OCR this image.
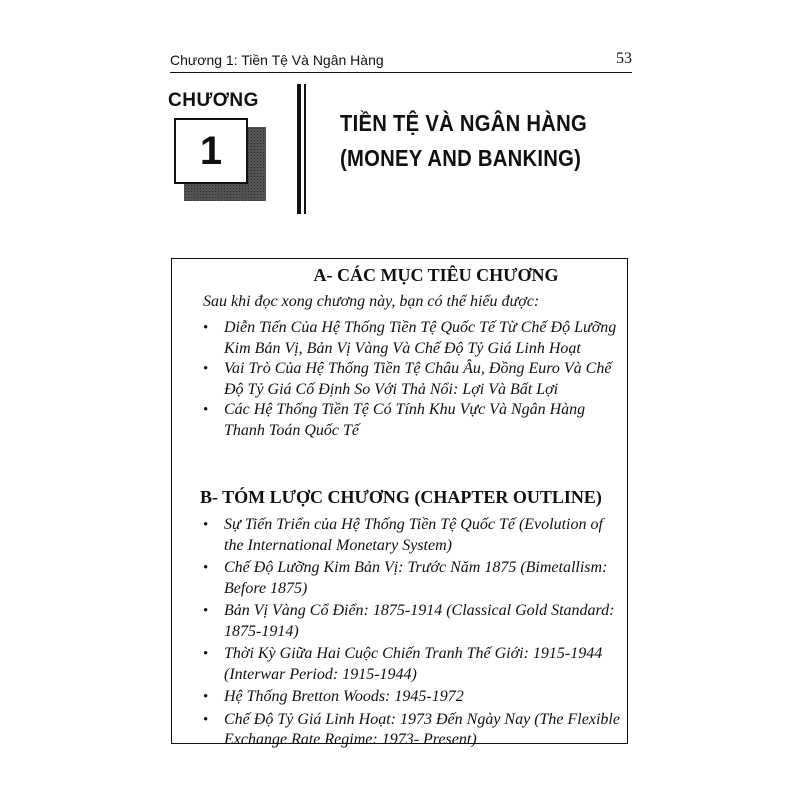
Chương 1: Tiền Tệ Và Ngân Hàng	53
CHƯƠNG
1
TIỀN TỆ VÀ NGÂN HÀNG
(MONEY AND BANKING)
A- CÁC MỤC TIÊU CHƯƠNG
Sau khi đọc xong chương này, bạn có thể hiểu được:
• Diễn Tiến Của Hệ Thống Tiền Tệ Quốc Tế Từ Chế Độ Lưỡng Kim Bản Vị, Bản Vị Vàng Và Chế Độ Tỷ Giá Linh Hoạt
• Vai Trò Của Hệ Thống Tiền Tệ Châu Âu, Đồng Euro Và Chế Độ Tỷ Giá Cố Định So Với Thả Nổi: Lợi Và Bất Lợi
• Các Hệ Thống Tiền Tệ Có Tính Khu Vực Và Ngân Hàng Thanh Toán Quốc Tế
B- TÓM LƯỢC CHƯƠNG (CHAPTER OUTLINE)
• Sự Tiến Triển của Hệ Thống Tiền Tệ Quốc Tế (Evolution of the International Monetary System)
• Chế Độ Lưỡng Kim Bản Vị: Trước Năm 1875 (Bimetallism: Before 1875)
• Bản Vị Vàng Cổ Điển: 1875-1914 (Classical Gold Standard: 1875-1914)
• Thời Kỳ Giữa Hai Cuộc Chiến Tranh Thế Giới: 1915-1944 (Interwar Period: 1915-1944)
• Hệ Thống Bretton Woods: 1945-1972
• Chế Độ Tỷ Giá Linh Hoạt: 1973 Đến Ngày Nay (The Flexible Exchange Rate Regime: 1973- Present)
